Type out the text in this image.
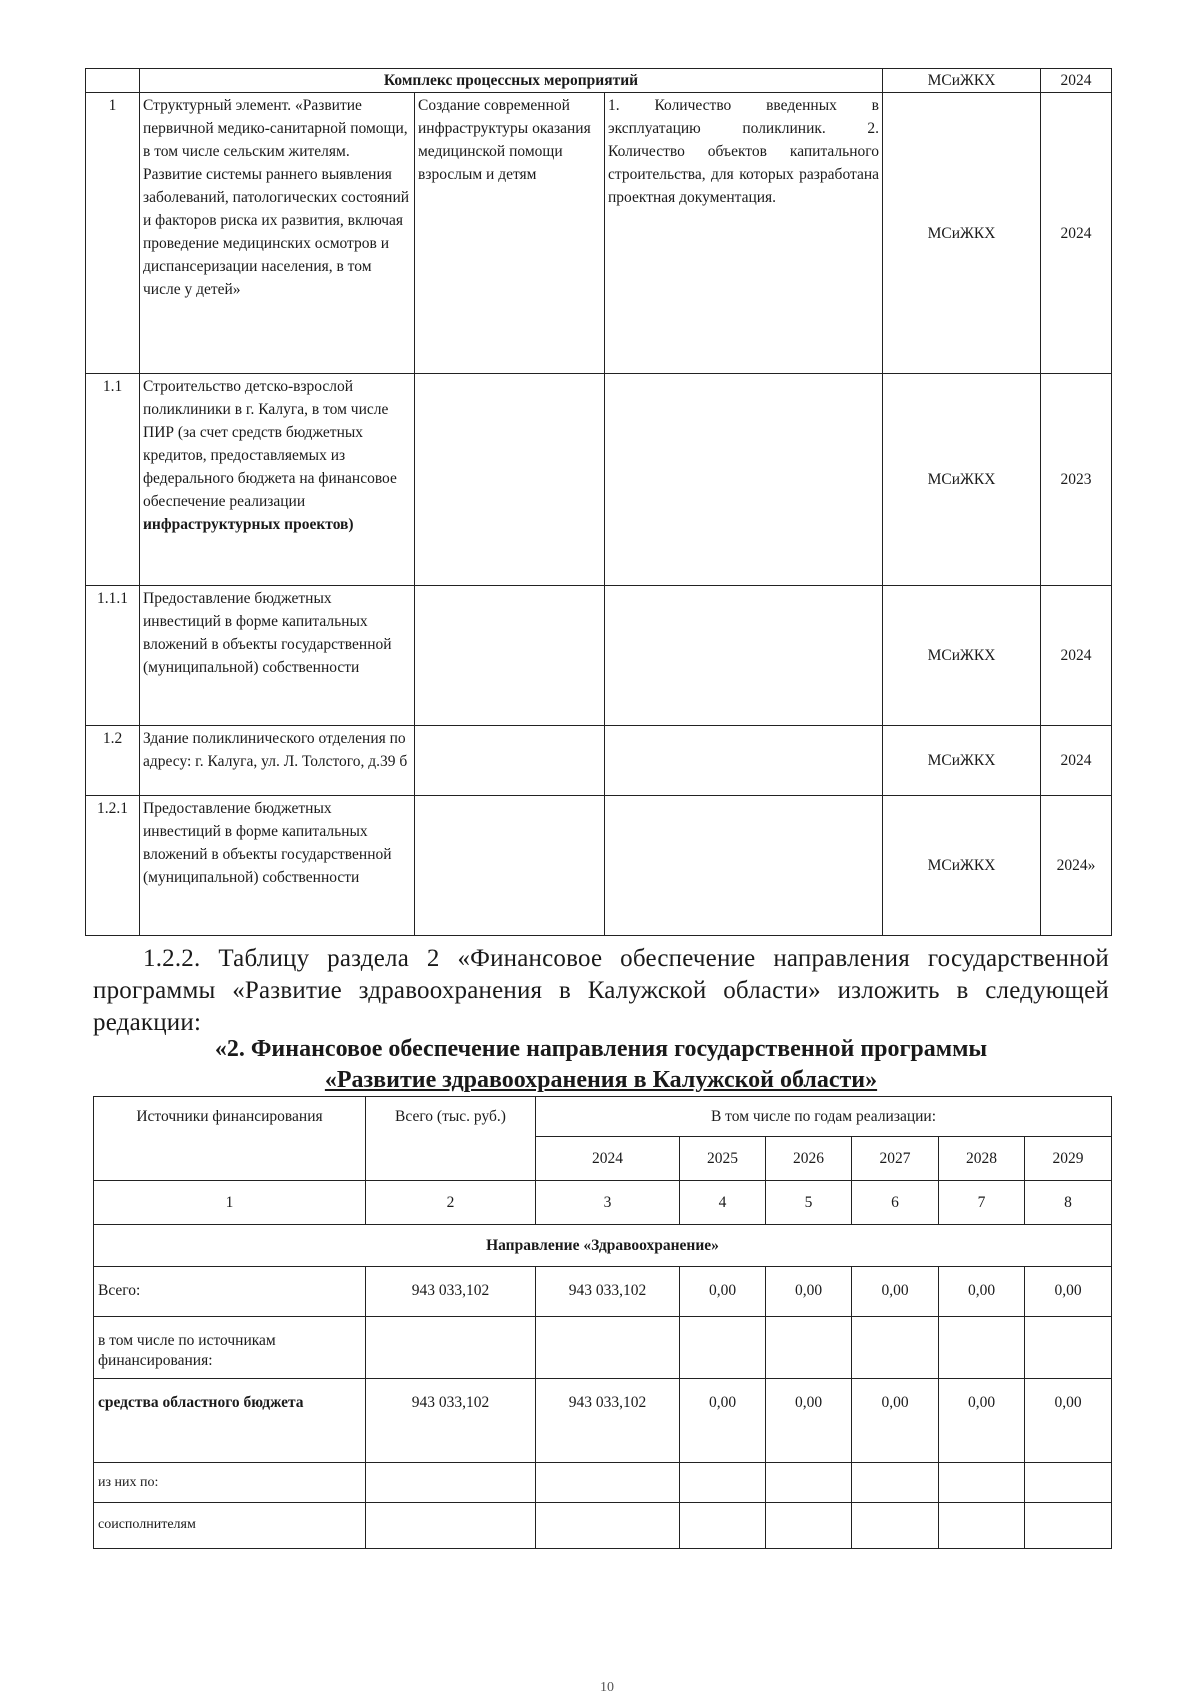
	Комплекс процессных мероприятий			МСиЖКХ	2024
1	Структурный элемент. «Развитие первичной медико-санитарной помощи, в том числе сельским жителям. Развитие системы раннего выявления заболеваний, патологических состояний и факторов риска их развития, включая проведение медицинских осмотров и диспансеризации населения, в том числе у детей»	Создание современной инфраструктуры оказания медицинской помощи взрослым и детям	1. Количество введенных в эксплуатацию поликлиник. 2. Количество объектов капитального строительства, для которых разработана проектная документация.	МСиЖКХ	2024
1.1	Строительство детско-взрослой поликлиники в г. Калуга, в том числе ПИР (за счет средств бюджетных кредитов, предоставляемых из федерального бюджета на финансовое обеспечение реализации инфраструктурных проектов)			МСиЖКХ	2023
1.1.1	Предоставление бюджетных инвестиций в форме капитальных вложений в объекты государственной (муниципальной) собственности			МСиЖКХ	2024
1.2	Здание поликлинического отделения по адресу: г. Калуга, ул. Л. Толстого, д.39 б			МСиЖКХ	2024
1.2.1	Предоставление бюджетных инвестиций в форме капитальных вложений в объекты государственной (муниципальной) собственности			МСиЖКХ	2024»
1.2.2. Таблицу раздела 2 «Финансовое обеспечение направления государственной программы «Развитие здравоохранения в Калужской области» изложить в следующей редакции:
«2. Финансовое обеспечение направления государственной программы
«Развитие здравоохранения в Калужской области»
Источники финансирования	Всего (тыс. руб.)	В том числе по годам реализации:					
		2024	2025	2026	2027	2028	2029
1	2	3	4	5	6	7	8
Направление «Здравоохранение»							
Всего:	943 033,102	943 033,102	0,00	0,00	0,00	0,00	0,00
в том числе по источникам финансирования:							
средства областного бюджета	943 033,102	943 033,102	0,00	0,00	0,00	0,00	0,00
из них по:							
соисполнителям							
10
